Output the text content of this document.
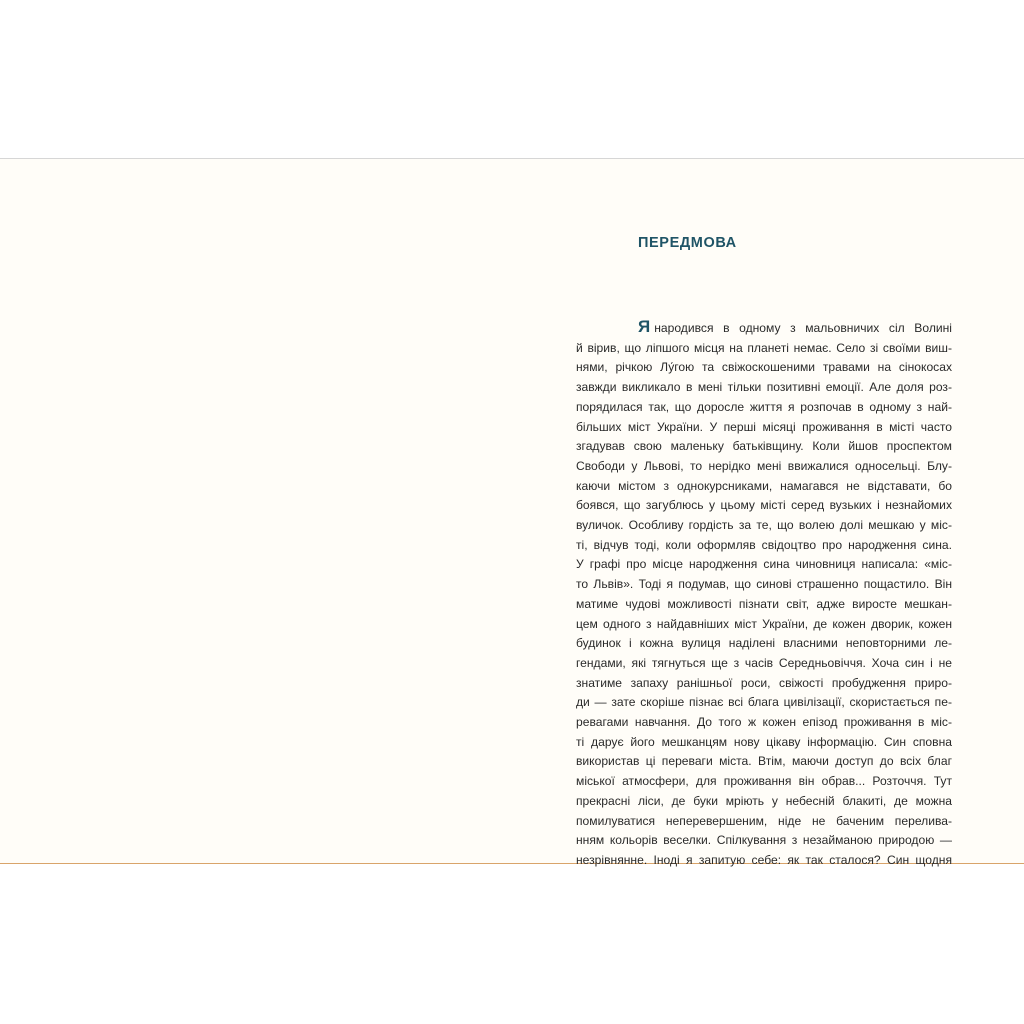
ПЕРЕДМОВА
Я народився в одному з мальовничих сіл Волині
й вірив, що ліпшого місця на планеті немає. Село зі своїми виш-
нями, річкою Лу́гою та свіжоскошеними травами на сінокосах
завжди викликало в мені тільки позитивні емоції. Але доля роз-
порядилася так, що доросле життя я розпочав в одному з най-
більших міст України. У перші місяці проживання в місті часто
згадував свою маленьку батьківщину. Коли йшов проспектом
Свободи у Львові, то нерідко мені ввижалися односельці. Блу-
каючи містом з однокурсниками, намагався не відставати, бо
боявся, що загублюсь у цьому місті серед вузьких і незнайомих
вуличок. Особливу гордість за те, що волею долі мешкаю у міс-
ті, відчув тоді, коли оформляв свідоцтво про народження сина.
У графі про місце народження сина чиновниця написала: «міс-
то Львів». Тоді я подумав, що синові страшенно пощастило. Він
матиме чудові можливості пізнати світ, адже виросте мешкан-
цем одного з найдавніших міст України, де кожен дворик, кожен
будинок і кожна вулиця наділені власними неповторними ле-
гендами, які тягнуться ще з часів Середньовіччя. Хоча син і не
знатиме запаху ранішньої роси, свіжості пробудження приро-
ди — зате скоріше пізнає всі блага цивілізації, скористається пе-
ревагами навчання. До того ж кожен епізод проживання в міс-
ті дарує його мешканцям нову цікаву інформацію. Син сповна
використав ці переваги міста. Втім, маючи доступ до всіх благ
міської атмосфери, для проживання він обрав... Розточчя. Тут
прекрасні ліси, де буки мріють у небесній блакиті, де можна
помилуватися неперевершеним, ніде не баченим перелива-
нням кольорів веселки. Спілкування з незайманою природою —
незрівнянне. Іноді я запитую себе: як так сталося? Син щодня
